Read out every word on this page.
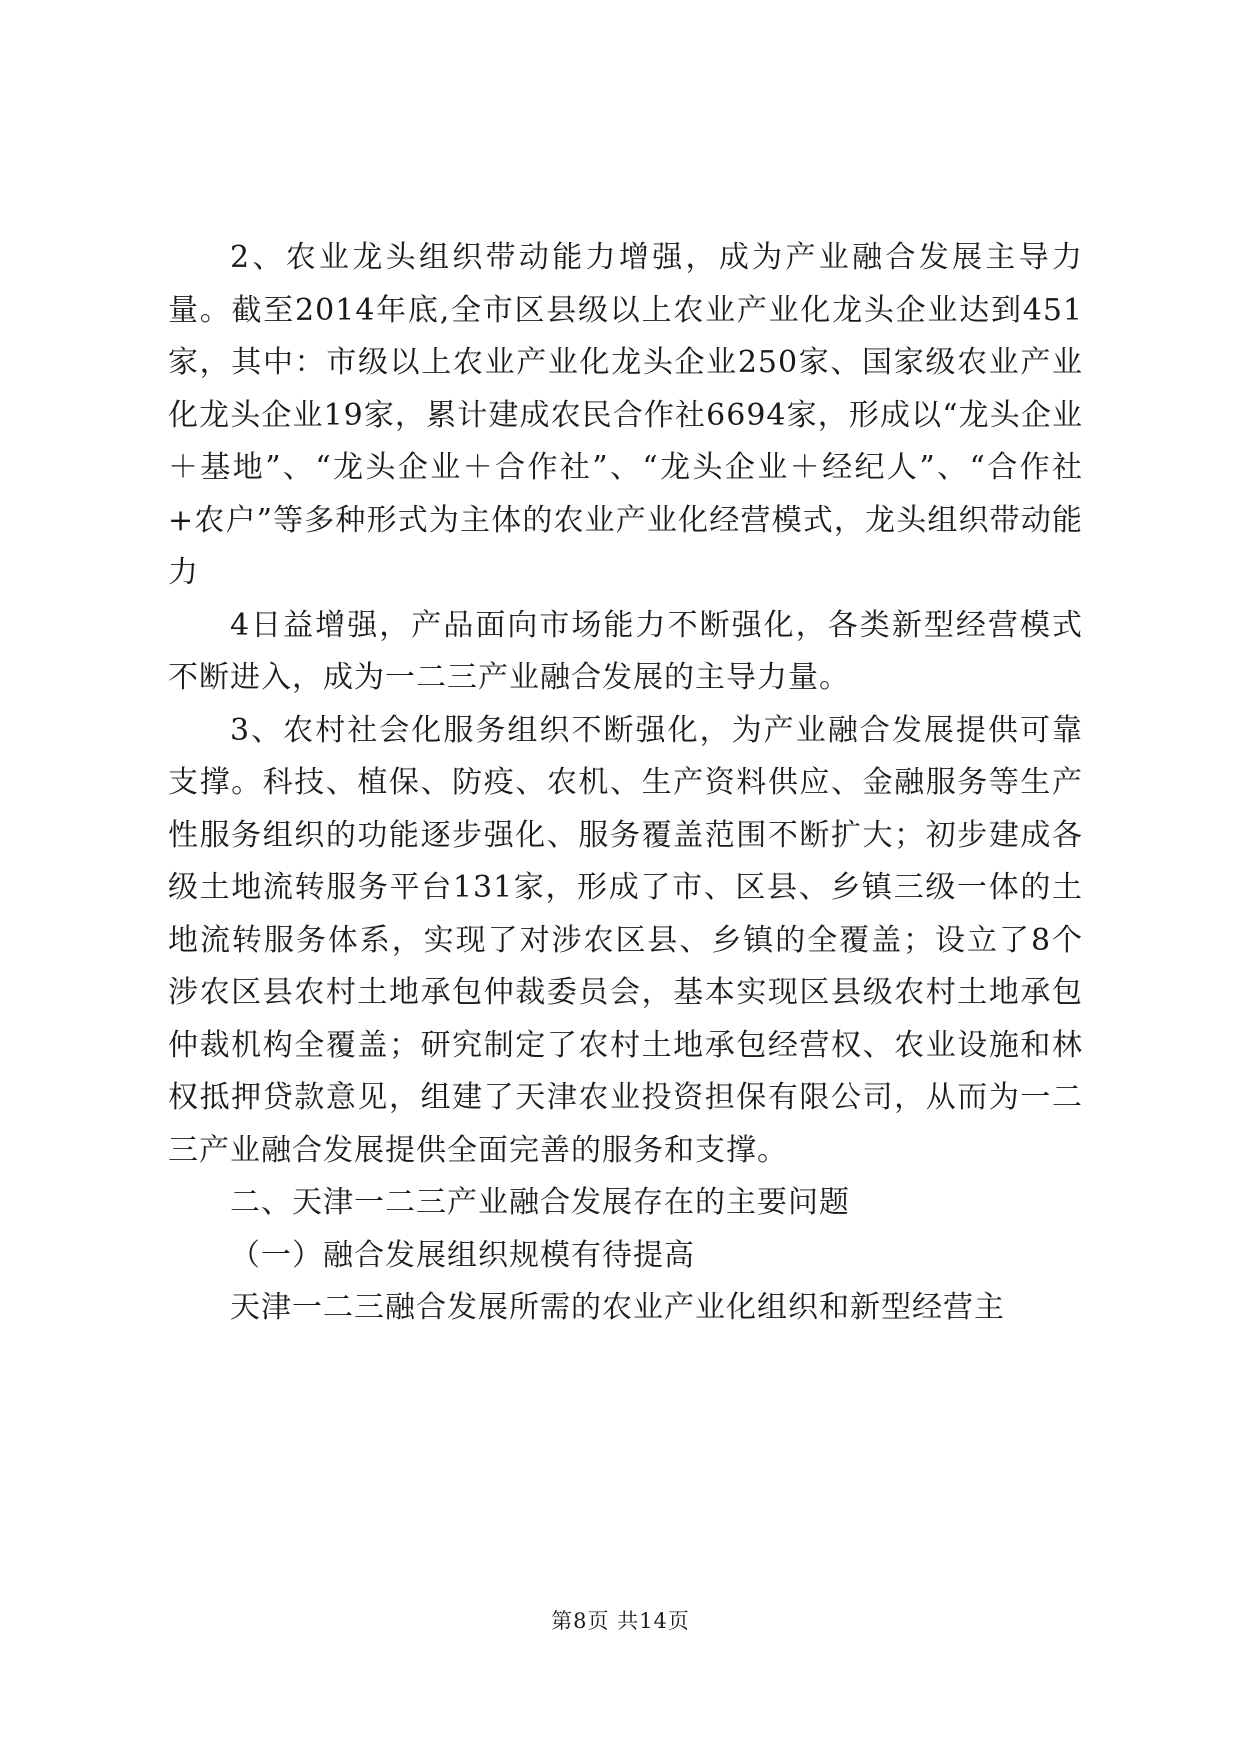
2、农业龙头组织带动能力增强，成为产业融合发展主导力量。截至2014年底,全市区县级以上农业产业化龙头企业达到451家，其中：市级以上农业产业化龙头企业250家、国家级农业产业化龙头企业19家，累计建成农民合作社6694家，形成以“龙头企业＋基地”、“龙头企业＋合作社”、“龙头企业＋经纪人”、“合作社+农户”等多种形式为主体的农业产业化经营模式，龙头组织带动能力

4日益增强，产品面向市场能力不断强化，各类新型经营模式不断进入，成为一二三产业融合发展的主导力量。

3、农村社会化服务组织不断强化，为产业融合发展提供可靠支撑。科技、植保、防疫、农机、生产资料供应、金融服务等生产性服务组织的功能逐步强化、服务覆盖范围不断扩大；初步建成各级土地流转服务平台131家，形成了市、区县、乡镇三级一体的土地流转服务体系，实现了对涉农区县、乡镇的全覆盖；设立了8个涉农区县农村土地承包仲裁委员会，基本实现区县级农村土地承包仲裁机构全覆盖；研究制定了农村土地承包经营权、农业设施和林权抵押贷款意见，组建了天津农业投资担保有限公司，从而为一二三产业融合发展提供全面完善的服务和支撑。

二、天津一二三产业融合发展存在的主要问题

（一）融合发展组织规模有待提高

天津一二三融合发展所需的农业产业化组织和新型经营主

第8页 共14页
